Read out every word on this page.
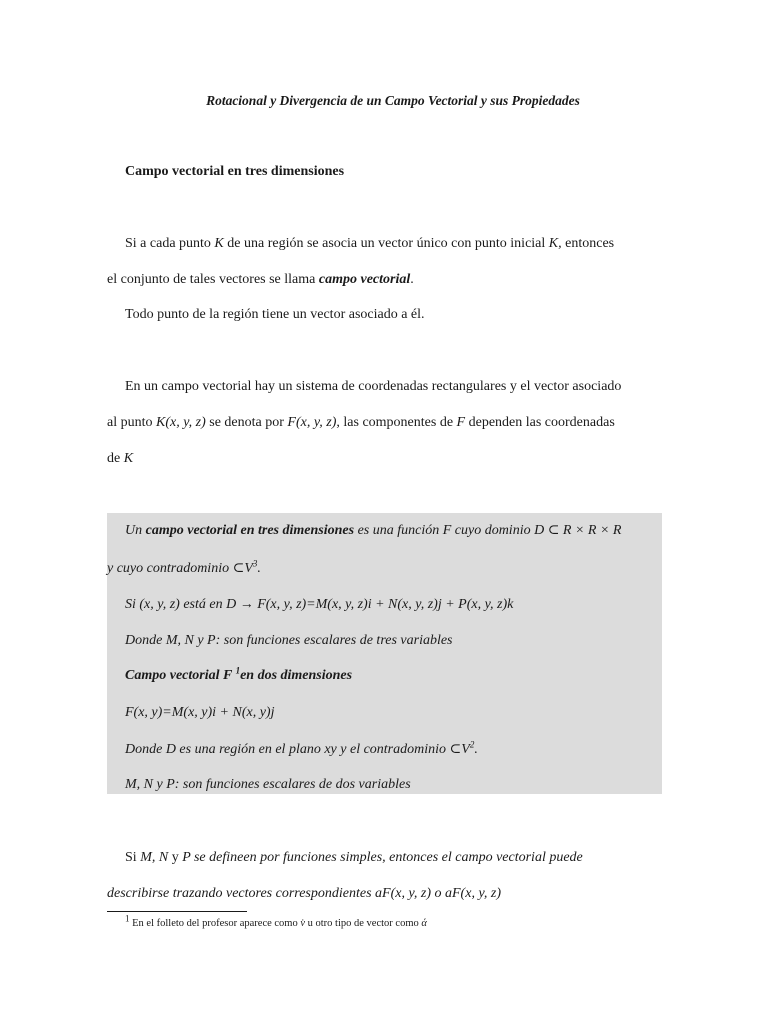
Rotacional y Divergencia de un Campo Vectorial y sus Propiedades
Campo vectorial en tres dimensiones
Si a cada punto K de una región se asocia un vector único con punto inicial K, entonces
el conjunto de tales vectores se llama campo vectorial.
Todo punto de la región tiene un vector asociado a él.
En un campo vectorial hay un sistema de coordenadas rectangulares y el vector asociado
al punto K(x, y, z) se denota por F(x, y, z), las componentes de F dependen las coordenadas
de K
Un campo vectorial en tres dimensiones es una función F cuyo dominio D ⊂ R × R × R
y cuyo contradominio $\subset V^3$.
Si (x, y, z) está en D → F(x, y, z)=M(x, y, z)i + N(x, y, z)j + P(x, y, z)k
Donde M, N y P: son funciones escalares de tres variables
Campo vectorial F $^1$en dos dimensiones
F(x, y)=M(x, y)i + N(x, y)j
Donde D es una región en el plano xy y el contradominio $\subset V^2$.
M, N y P: son funciones escalares de dos variables
Si M, N y P se defineen por funciones simples, entonces el campo vectorial puede
describirse trazando vectores correspondientes aF(x, y, z) o aF(x, y, z)
$^1$ En el folleto del profesor aparece como v̇ u otro tipo de vector como ά
